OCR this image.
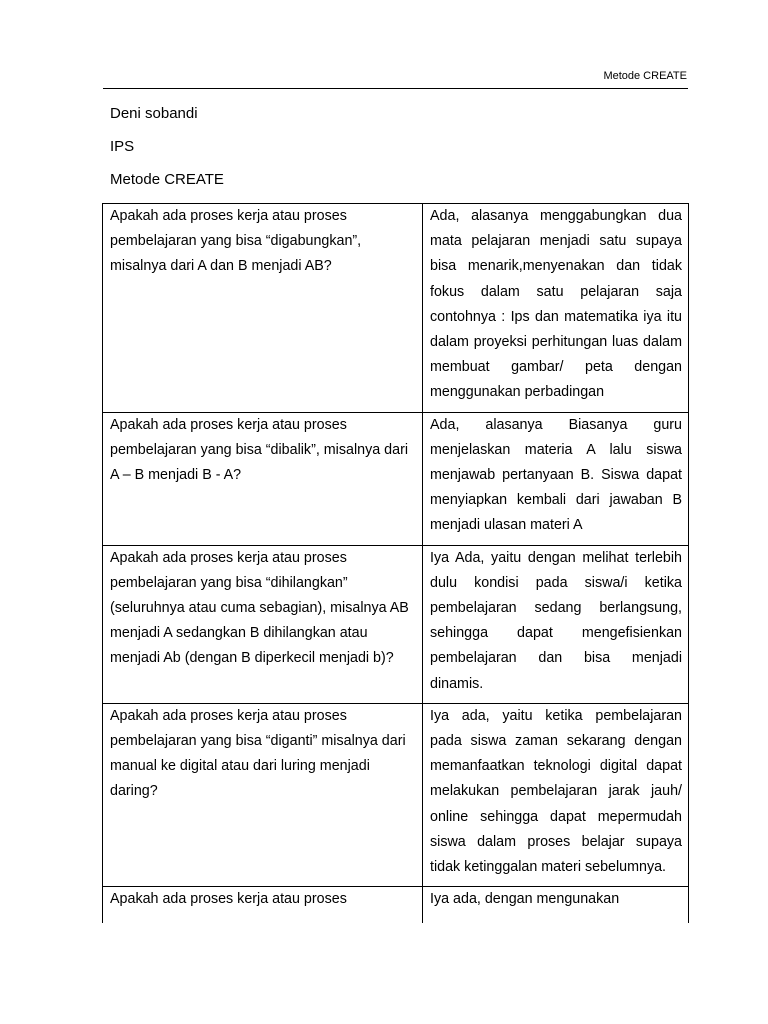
Metode CREATE
Deni sobandi
IPS
Metode CREATE
Apakah ada proses kerja atau proses pembelajaran yang bisa “digabungkan”, misalnya dari A dan B menjadi AB?	Ada, alasanya menggabungkan dua mata pelajaran menjadi satu supaya bisa menarik,menyenakan dan tidak fokus dalam satu pelajaran saja contohnya : Ips dan matematika iya itu dalam proyeksi perhitungan luas dalam membuat gambar/ peta dengan menggunakan perbadingan
Apakah ada proses kerja atau proses pembelajaran yang bisa “dibalik”, misalnya dari A – B menjadi B - A?	Ada, alasanya Biasanya guru menjelaskan materia A lalu siswa menjawab pertanyaan B. Siswa dapat menyiapkan kembali dari jawaban B menjadi ulasan materi A
Apakah ada proses kerja atau proses pembelajaran yang bisa “dihilangkan” (seluruhnya atau cuma sebagian), misalnya AB menjadi A sedangkan B dihilangkan atau menjadi Ab (dengan B diperkecil menjadi b)?	Iya Ada, yaitu dengan melihat terlebih dulu kondisi pada siswa/i ketika pembelajaran sedang berlangsung, sehingga dapat mengefisienkan pembelajaran dan bisa menjadi dinamis.
Apakah ada proses kerja atau proses pembelajaran yang bisa “diganti” misalnya dari manual ke digital atau dari luring menjadi daring?	Iya ada, yaitu ketika pembelajaran pada siswa zaman sekarang dengan memanfaatkan teknologi digital dapat melakukan pembelajaran jarak jauh/ online sehingga dapat mepermudah siswa dalam proses belajar supaya tidak ketinggalan materi sebelumnya.
Apakah ada proses kerja atau proses	Iya ada, dengan mengunakan
